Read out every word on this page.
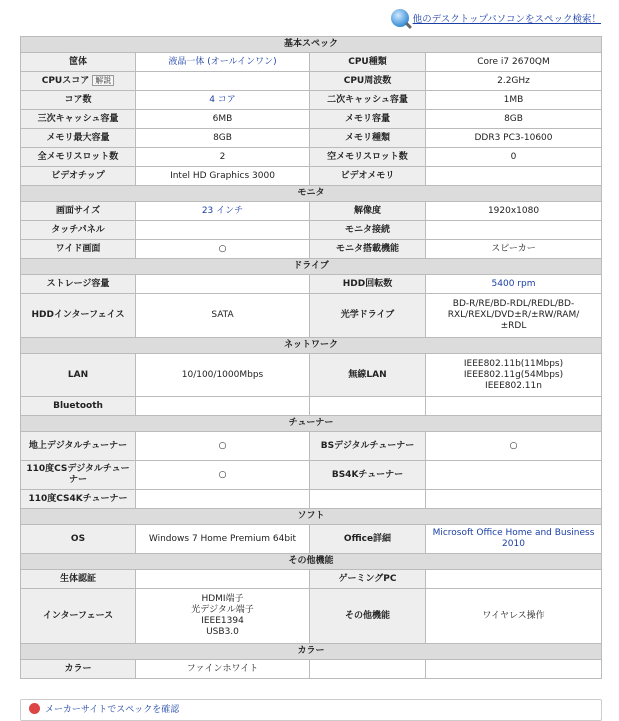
他のデスクトップパソコンをスペック検索！
基本スペック			
筐体	液晶一体 (オールインワン)	CPU種類	Core i7 2670QM
CPUスコア 解説		CPU周波数	2.2GHz
コア数	4 コア	二次キャッシュ容量	1MB
三次キャッシュ容量	6MB	メモリ容量	8GB
メモリ最大容量	8GB	メモリ種類	DDR3 PC3-10600
全メモリスロット数	2	空メモリスロット数	0
ビデオチップ	Intel HD Graphics 3000	ビデオメモリ	
モニタ			
画面サイズ	23 インチ	解像度	1920x1080
タッチパネル		モニタ接続	
ワイド画面	○	モニタ搭載機能	スピーカー
ドライブ			
ストレージ容量		HDD回転数	5400 rpm
HDDインターフェイス	SATA	光学ドライブ	BD-R/RE/BD-RDL/REDL/BD-
RXL/REXL/DVD±R/±RW/RAM/
±RDL

ネットワーク			
LAN	10/100/1000Mbps	無線LAN	IEEE802.11b(11Mbps)
IEEE802.11g(54Mbps)
IEEE802.11n

Bluetooth			
チューナー			
地上デジタルチューナー	○	BSデジタルチューナー	○
110度CSデジタルチューナー	○	BS4Kチューナー	
110度CS4Kチューナー			
ソフト			
OS	Windows 7 Home Premium 64bit	Office詳細	Microsoft Office Home and Business 2010
その他機能			
生体認証		ゲーミングPC	
インターフェース	HDMI端子
光デジタル端子
IEEE1394
USB3.0	その他機能	ワイヤレス操作
カラー			
カラー	ファインホワイト		
メーカーサイトでスペックを確認
